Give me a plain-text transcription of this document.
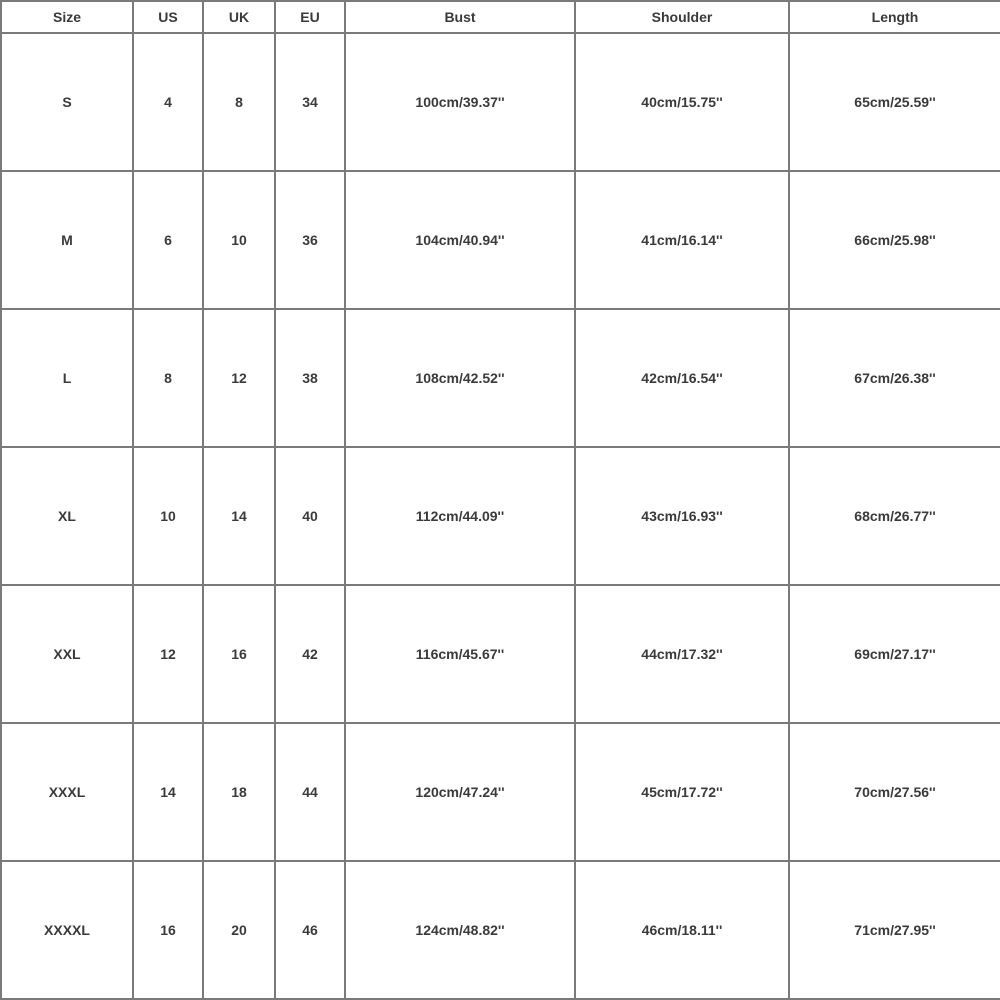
Size	US	UK	EU	Bust	Shoulder	Length
S	4	8	34	100cm/39.37''	40cm/15.75''	65cm/25.59''
M	6	10	36	104cm/40.94''	41cm/16.14''	66cm/25.98''
L	8	12	38	108cm/42.52''	42cm/16.54''	67cm/26.38''
XL	10	14	40	112cm/44.09''	43cm/16.93''	68cm/26.77''
XXL	12	16	42	116cm/45.67''	44cm/17.32''	69cm/27.17''
XXXL	14	18	44	120cm/47.24''	45cm/17.72''	70cm/27.56''
XXXXL	16	20	46	124cm/48.82''	46cm/18.11''	71cm/27.95''
